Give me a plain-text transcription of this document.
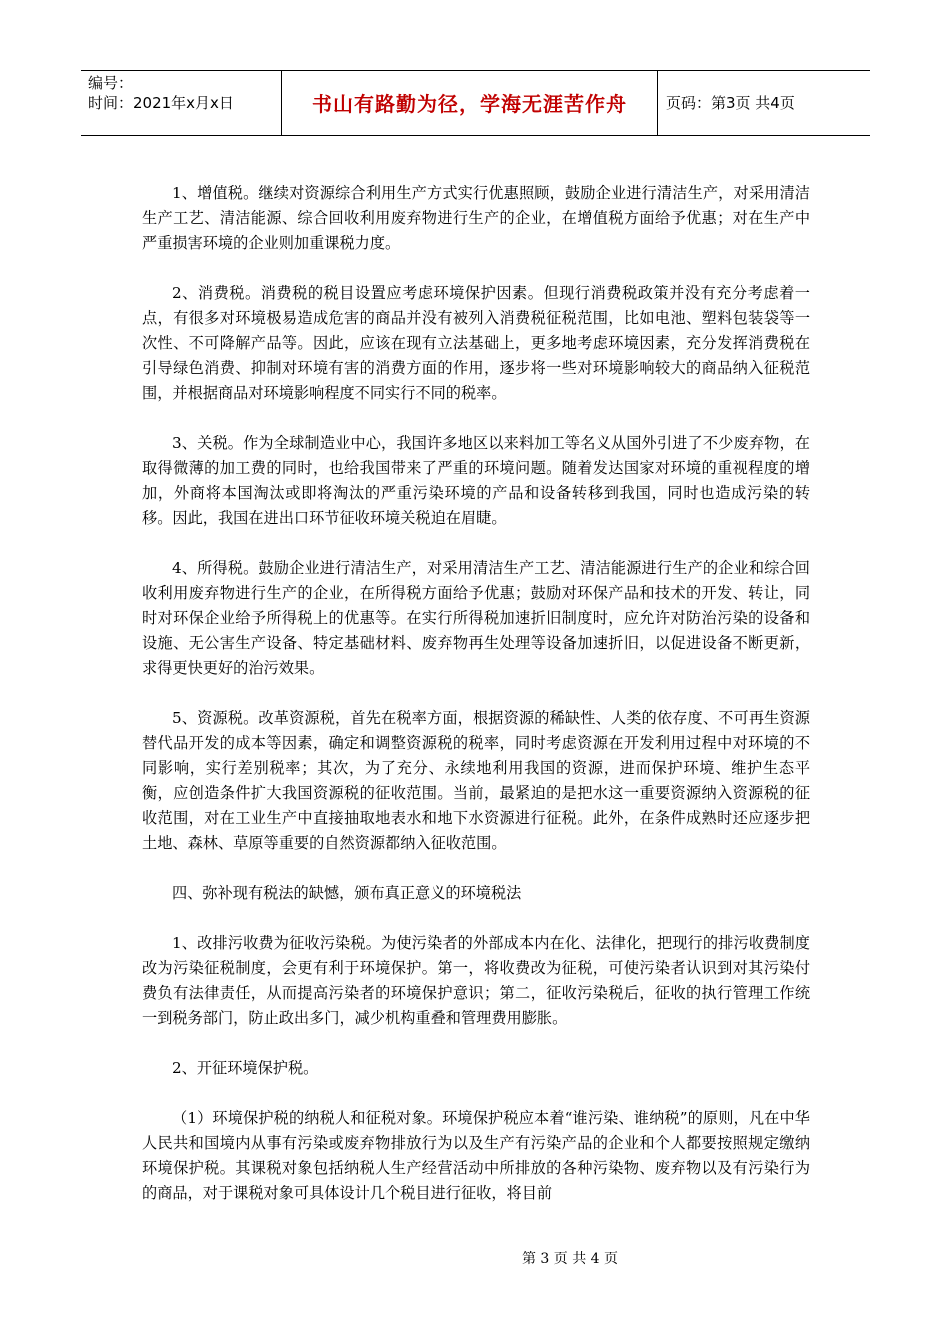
编号：
时间：2021年x月x日	书山有路勤为径，学海无涯苦作舟	页码：第3页 共4页

1、增值税。继续对资源综合利用生产方式实行优惠照顾，鼓励企业进行清洁生产，对采用清洁生产工艺、清洁能源、综合回收利用废弃物进行生产的企业，在增值税方面给予优惠；对在生产中严重损害环境的企业则加重课税力度。

2、消费税。消费税的税目设置应考虑环境保护因素。但现行消费税政策并没有充分考虑着一点，有很多对环境极易造成危害的商品并没有被列入消费税征税范围，比如电池、塑料包装袋等一次性、不可降解产品等。因此，应该在现有立法基础上，更多地考虑环境因素，充分发挥消费税在引导绿色消费、抑制对环境有害的消费方面的作用，逐步将一些对环境影响较大的商品纳入征税范围，并根据商品对环境影响程度不同实行不同的税率。

3、关税。作为全球制造业中心，我国许多地区以来料加工等名义从国外引进了不少废弃物，在取得微薄的加工费的同时，也给我国带来了严重的环境问题。随着发达国家对环境的重视程度的增加，外商将本国淘汰或即将淘汰的严重污染环境的产品和设备转移到我国，同时也造成污染的转移。因此，我国在进出口环节征收环境关税迫在眉睫。

4、所得税。鼓励企业进行清洁生产，对采用清洁生产工艺、清洁能源进行生产的企业和综合回收利用废弃物进行生产的企业，在所得税方面给予优惠；鼓励对环保产品和技术的开发、转让，同时对环保企业给予所得税上的优惠等。在实行所得税加速折旧制度时，应允许对防治污染的设备和设施、无公害生产设备、特定基础材料、废弃物再生处理等设备加速折旧，以促进设备不断更新，求得更快更好的治污效果。

5、资源税。改革资源税，首先在税率方面，根据资源的稀缺性、人类的依存度、不可再生资源替代品开发的成本等因素，确定和调整资源税的税率，同时考虑资源在开发利用过程中对环境的不同影响，实行差别税率；其次，为了充分、永续地利用我国的资源，进而保护环境、维护生态平衡，应创造条件扩大我国资源税的征收范围。当前，最紧迫的是把水这一重要资源纳入资源税的征收范围，对在工业生产中直接抽取地表水和地下水资源进行征税。此外，在条件成熟时还应逐步把土地、森林、草原等重要的自然资源都纳入征收范围。

四、弥补现有税法的缺憾，颁布真正意义的环境税法

1、改排污收费为征收污染税。为使污染者的外部成本内在化、法律化，把现行的排污收费制度改为污染征税制度，会更有利于环境保护。第一，将收费改为征税，可使污染者认识到对其污染付费负有法律责任，从而提高污染者的环境保护意识；第二，征收污染税后，征收的执行管理工作统一到税务部门，防止政出多门，减少机构重叠和管理费用膨胀。

2、开征环境保护税。

（1）环境保护税的纳税人和征税对象。环境保护税应本着“谁污染、谁纳税”的原则，凡在中华人民共和国境内从事有污染或废弃物排放行为以及生产有污染产品的企业和个人都要按照规定缴纳环境保护税。其课税对象包括纳税人生产经营活动中所排放的各种污染物、废弃物以及有污染行为的商品，对于课税对象可具体设计几个税目进行征收，将目前

第 3 页 共 4 页
